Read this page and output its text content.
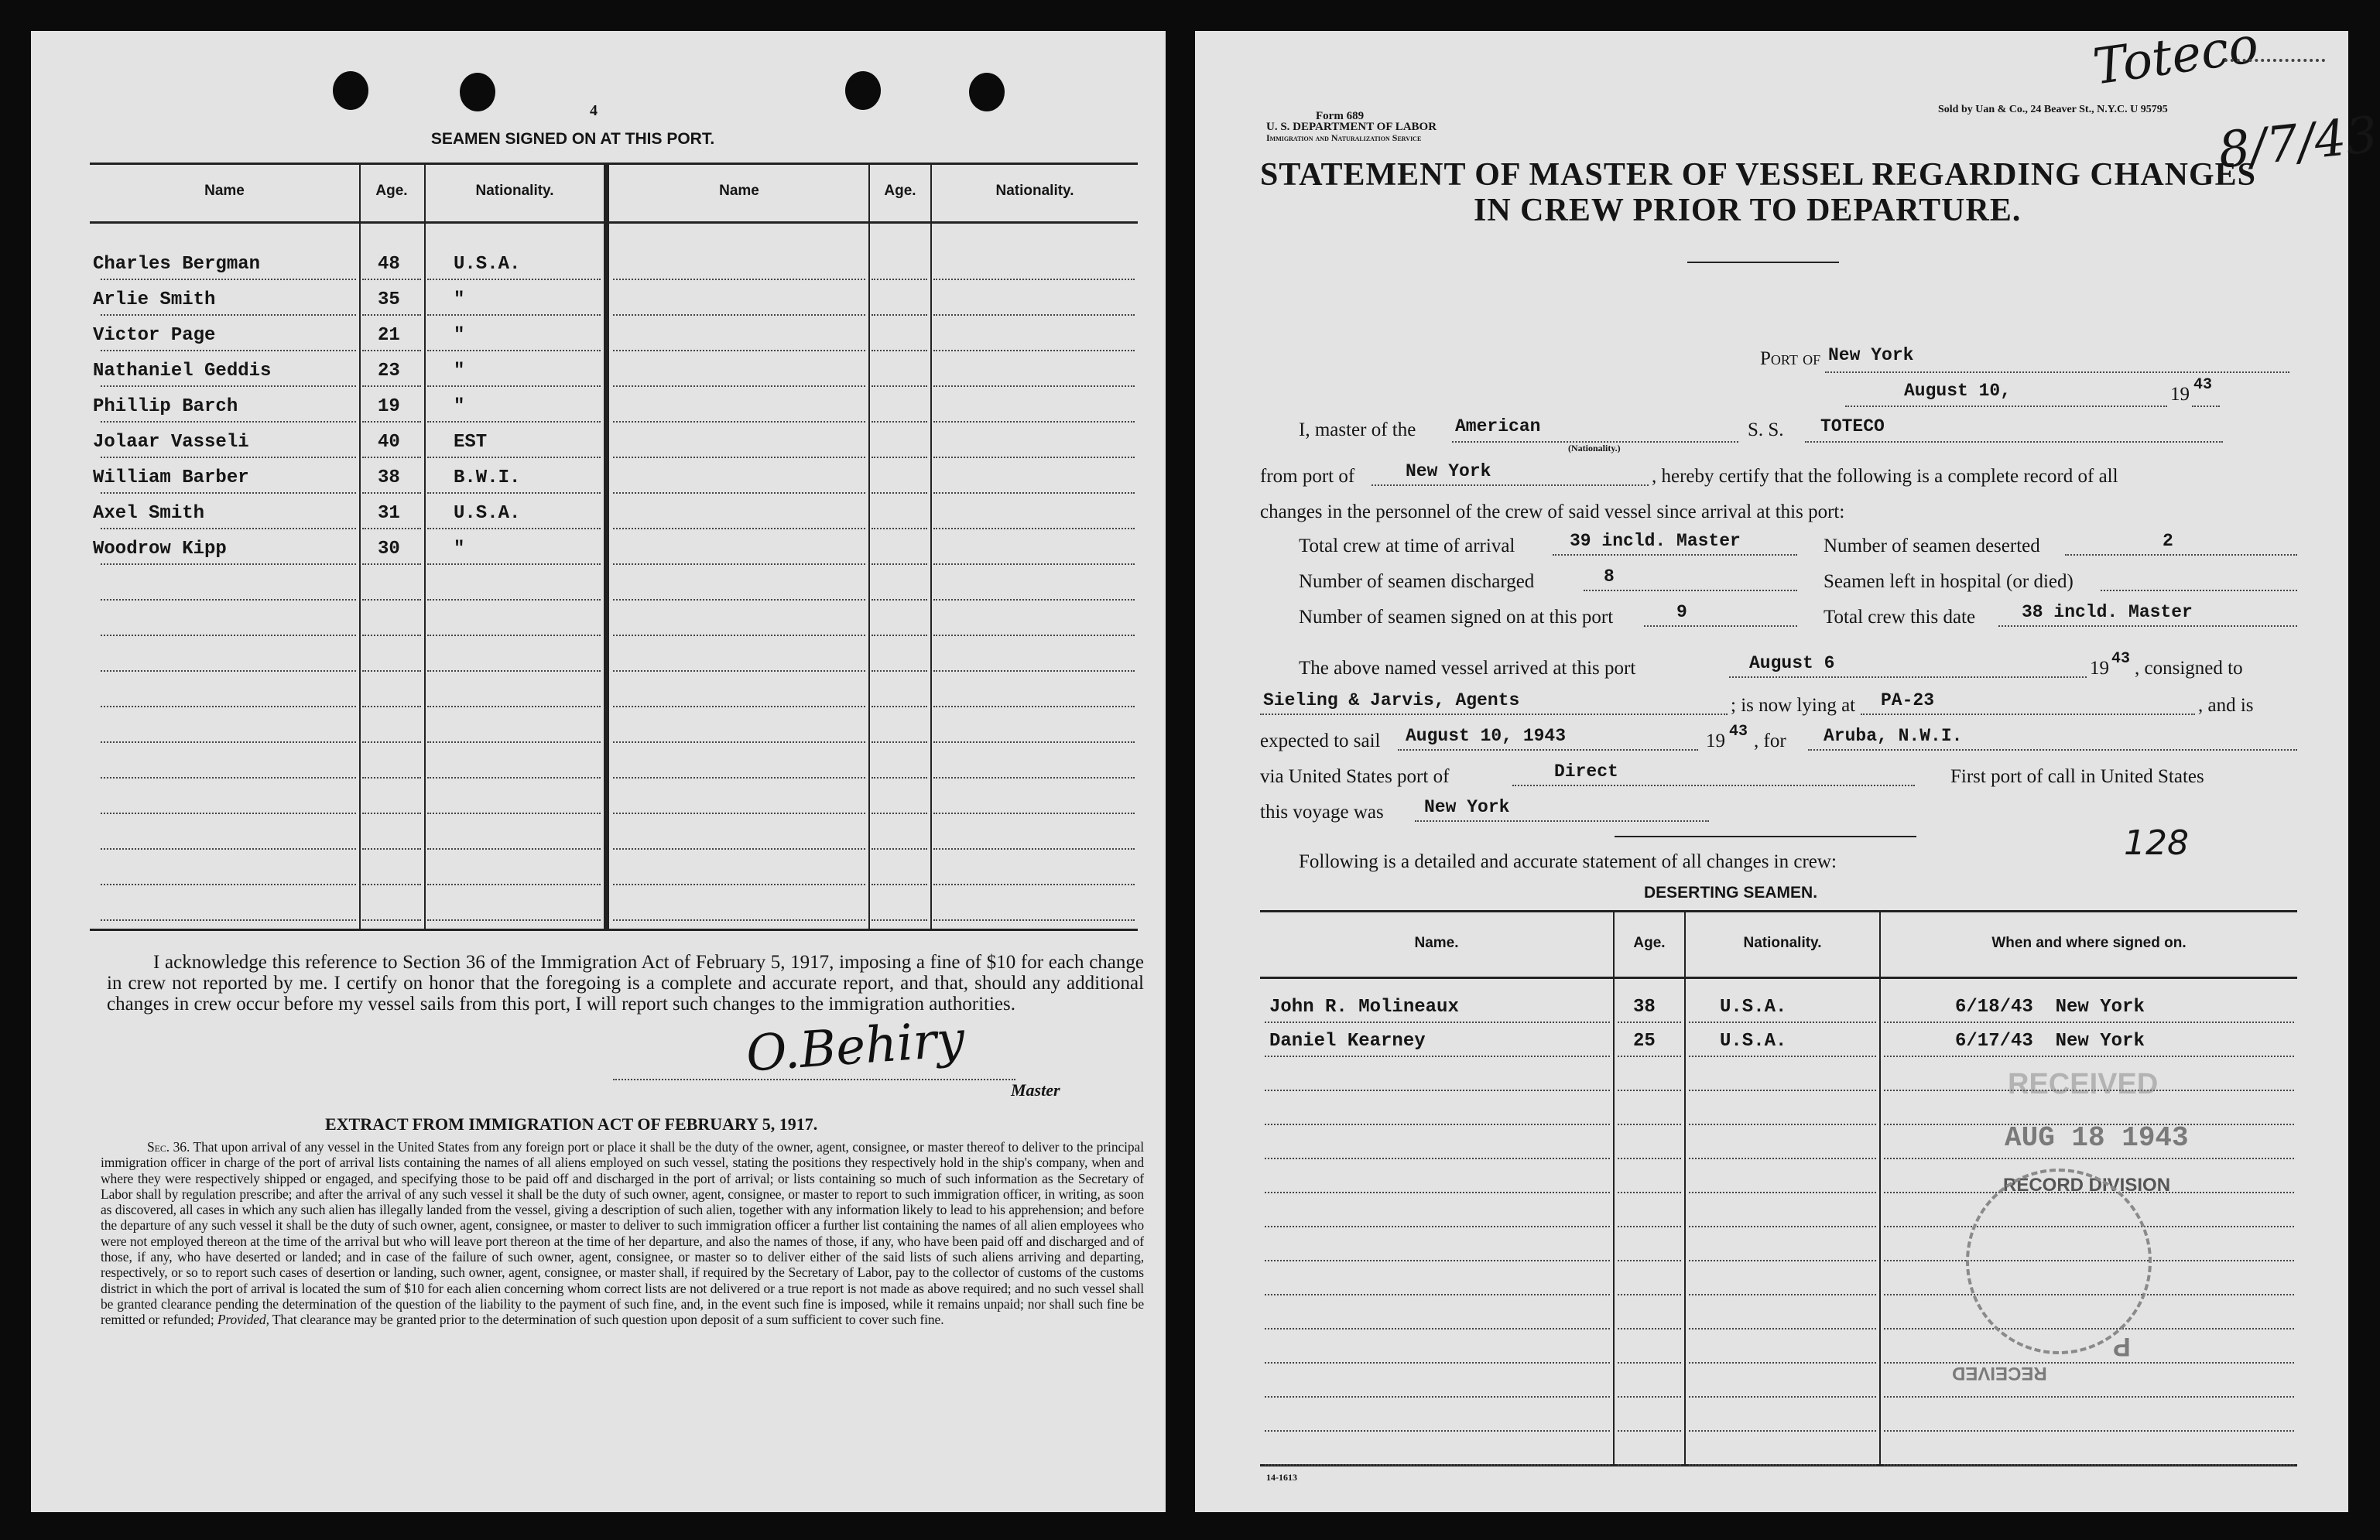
4
SEAMEN SIGNED ON AT THIS PORT.
Name	Age.	Nationality.	Name	Age.	Nationality.
Charles Bergman	48	U.S.A.
Arlie Smith	35	"
Victor Page	21	"
Nathaniel Geddis	23	"
Phillip Barch	19	"
Jolaar Vasseli	40	EST
William Barber	38	B.W.I.
Axel Smith	31	U.S.A.
Woodrow Kipp	30	"
I acknowledge this reference to Section 36 of the Immigration Act of February 5, 1917, imposing a fine of $10 for each change in crew not reported by me. I certify on honor that the foregoing is a complete and accurate report, and that, should any additional changes in crew occur before my vessel sails from this port, I will report such changes to the immigration authorities.
O.Behiry
Master
EXTRACT FROM IMMIGRATION ACT OF FEBRUARY 5, 1917.
Sec. 36. That upon arrival of any vessel in the United States from any foreign port or place it shall be the duty of the owner, agent, consignee, or master thereof to deliver to the principal immigration officer in charge of the port of arrival lists containing the names of all aliens employed on such vessel, stating the positions they respectively hold in the ship's company, when and where they were respectively shipped or engaged, and specifying those to be paid off and discharged in the port of arrival; or lists containing so much of such information as the Secretary of Labor shall by regulation prescribe; and after the arrival of any such vessel it shall be the duty of such owner, agent, consignee, or master to report to such immigration officer, in writing, as soon as discovered, all cases in which any such alien has illegally landed from the vessel, giving a description of such alien, together with any information likely to lead to his apprehension; and before the departure of any such vessel it shall be the duty of such owner, agent, consignee, or master to deliver to such immigration officer a further list containing the names of all alien employees who were not employed thereon at the time of the arrival but who will leave port thereon at the time of her departure, and also the names of those, if any, who have been paid off and discharged and of those, if any, who have deserted or landed; and in case of the failure of such owner, agent, consignee, or master so to deliver either of the said lists of such aliens arriving and departing, respectively, or so to report such cases of desertion or landing, such owner, agent, consignee, or master shall, if required by the Secretary of Labor, pay to the collector of customs of the customs district in which the port of arrival is located the sum of $10 for each alien concerning whom correct lists are not delivered or a true report is not made as above required; and no such vessel shall be granted clearance pending the determination of the question of the liability to the payment of such fine, and, in the event such fine is imposed, while it remains unpaid; nor shall such fine be remitted or refunded; Provided, That clearance may be granted prior to the determination of such question upon deposit of a sum sufficient to cover such fine.
Toteco
8/7/43
Form 689
U. S. DEPARTMENT OF LABOR
Immigration and Naturalization Service
Sold by Uan & Co., 24 Beaver St., N.Y.C. U 95795
STATEMENT OF MASTER OF VESSEL REGARDING CHANGES
IN CREW PRIOR TO DEPARTURE.
Port of New York
August 10,	19 43
I, master of the American
(Nationality.)
S. S. TOTECO
from port of	New York	, hereby certify that the following is a complete record of all
changes in the personnel of the crew of said vessel since arrival at this port:
Total crew at time of arrival	39 incld. Master	Number of seamen deserted	2
Number of seamen discharged	8	Seamen left in hospital (or died)
Number of seamen signed on at this port	9	Total crew this date	38 incld. Master
The above named vessel arrived at this port	August 6	19 43 , consigned to
Sieling & Jarvis, Agents	; is now lying at PA-23	, and is
expected to sail August 10, 1943	19 43 , for Aruba, N.W.I.
via United States port of	Direct	First port of call in United States
this voyage was New York
128
Following is a detailed and accurate statement of all changes in crew:
DESERTING SEAMEN.
Name.	Age.	Nationality.	When and where signed on.
John R. Molineaux	38	U.S.A.	6/18/43  New York
Daniel Kearney	25	U.S.A.	6/17/43  New York
RECEIVED
AUG 18 1943
RECORD DIVISION
RECEIVED
P
14-1613
